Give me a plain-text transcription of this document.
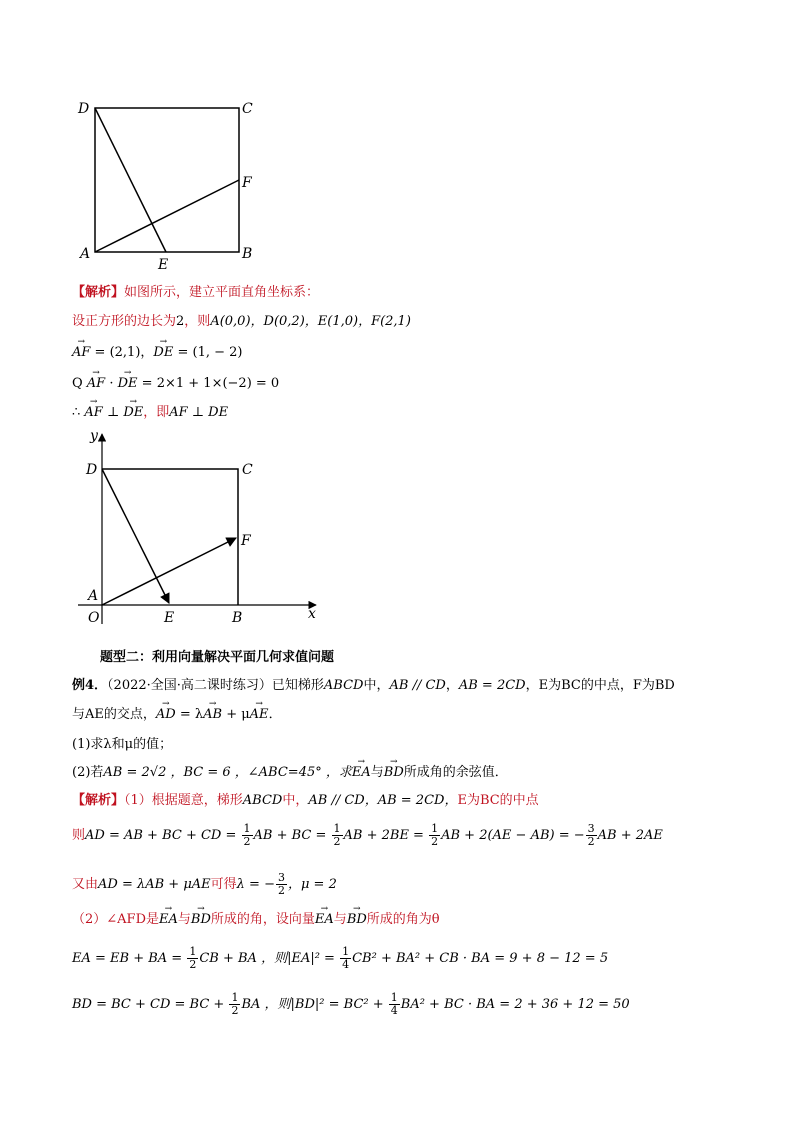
D	C
F
A	B
E
【解析】如图所示，建立平面直角坐标系：
设正方形的边长为2，则A(0,0)，D(0,2)，E(1,0)，F(2,1)
→ AF = (2,1)，→ DE = (1, − 2)
Q → AF · → DE = 2×1 + 1×(−2) = 0
∴ → AF ⊥ → DE，即AF ⊥ DE
y
D	C
F
A
O	E	B	x
题型二：利用向量解决平面几何求值问题
例4．（2022·全国·高二课时练习）已知梯形ABCD中，AB // CD，AB = 2CD，E为BC的中点，F为BD
与AE的交点，→ AD = λ→ AB + μ→ AE．
(1)求λ和μ的值；
(2)若AB = 2√2 ，BC = 6 ，∠ABC=45° ，求→ EA与→ BD所成角的余弦值．
【解析】（1）根据题意，梯形ABCD中，AB // CD，AB = 2CD，E为BC的中点
则AD = AB + BC + CD = $\frac{1}{2}$ AB + BC = $\frac{1}{2}$ AB + $2BE = \frac{1}{2}$ AB + 2(AE − AB) = − $\frac{3}{2}$ AB + 2AE
又由AD = λAB + μAE可得λ = − $\frac{3}{2}$ ，μ = 2
（2）∠AFD是→ EA与→ BD所成的角，设向量→ EA与→ BD所成的角为θ
EA = EB + BA = $\frac{1}{2}$ CB + BA ，则$|EA|^2 = \frac{1}{4} CB^2 + BA^2$ + CB · BA = 9 + 8 − 12 = 5
BD = BC + CD = BC + $\frac{1}{2}$ BA ，则$|BD|^2 = BC^2 + \frac{1}{4} BA^2$ + BC · BA = 2 + 36 + 12 = 50
